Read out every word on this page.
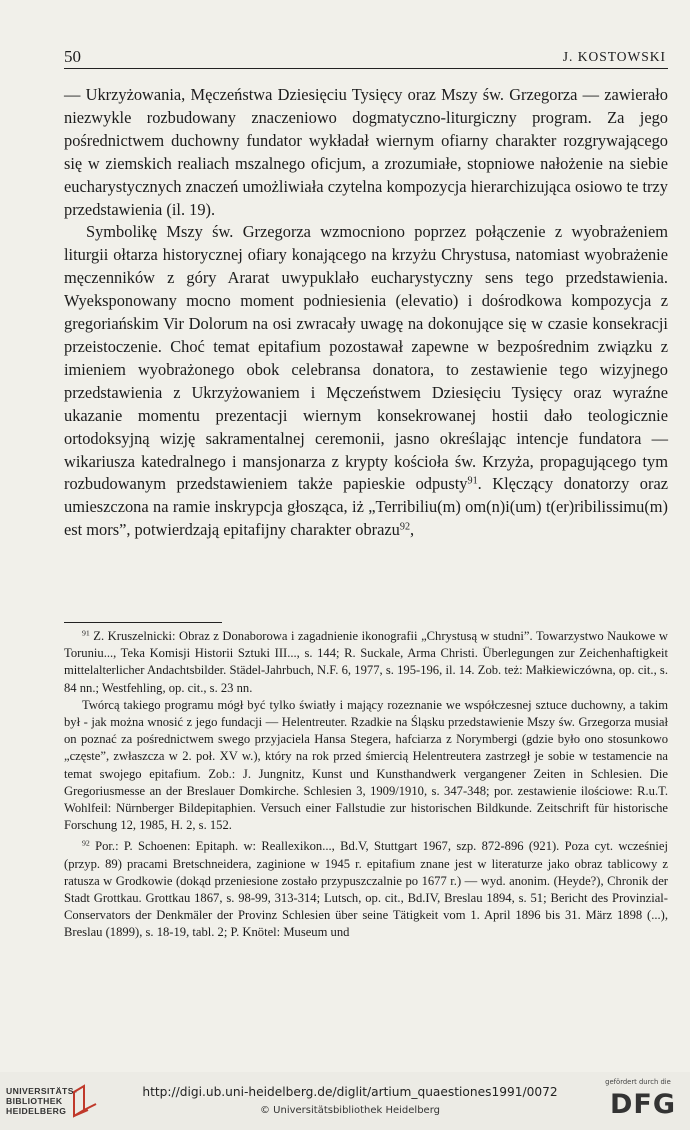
50	J. KOSTOWSKI

— Ukrzyżowania, Męczeństwa Dziesięciu Tysięcy oraz Mszy św. Grzegorza — zawierało niezwykle rozbudowany znaczeniowo dogmatyczno-liturgiczny program. Za jego pośrednictwem duchowny fundator wykładał wiernym ofiarny charakter rozgrywającego się w ziemskich realiach mszalnego oficjum, a zrozumiałe, stopniowe nałożenie na siebie eucharystycznych znaczeń umożliwiała czytelna kompozycja hierarchizująca osiowo te trzy przedstawienia (il. 19).

Symbolikę Mszy św. Grzegorza wzmocniono poprzez połączenie z wyobrażeniem liturgii ołtarza historycznej ofiary konającego na krzyżu Chrystusa, natomiast wyobrażenie męczenników z góry Ararat uwypuklało eucharystyczny sens tego przedstawienia. Wyeksponowany mocno moment podniesienia (elevatio) i dośrodkowa kompozycja z gregoriańskim Vir Dolorum na osi zwracały uwagę na dokonujące się w czasie konsekracji przeistoczenie. Choć temat epitafium pozostawał zapewne w bezpośrednim związku z imieniem wyobrażonego obok celebransa donatora, to zestawienie tego wizyjnego przedstawienia z Ukrzyżowaniem i Męczeństwem Dziesięciu Tysięcy oraz wyraźne ukazanie momentu prezentacji wiernym konsekrowanej hostii dało teologicznie ortodoksyjną wizję sakramentalnej ceremonii, jasno określając intencje fundatora — wikariusza katedralnego i mansjonarza z krypty kościoła św. Krzyża, propagującego tym rozbudowanym przedstawieniem także papieskie odpusty$^{91}$. Klęczący donatorzy oraz umieszczona na ramie inskrypcja głosząca, iż „Terribiliu(m) om(n)i(um) t(er)ribilissimu(m) est mors”, potwierdzają epitafijny charakter obrazu$^{92}$,

$^{91}$ Z. Kruszelnicki: Obraz z Donaborowa i zagadnienie ikonografii „Chrystusą w studni”. Towarzystwo Naukowe w Toruniu..., Teka Komisji Historii Sztuki III..., s. 144; R. Suckale, Arma Christi. Überlegungen zur Zeichenhaftigkeit mittelalterlicher Andachtsbilder. Städel-Jahrbuch, N.F. 6, 1977, s. 195-196, il. 14. Zob. też: Małkiewiczówna, op. cit., s. 84 nn.; Westfehling, op. cit., s. 23 nn.

Twórcą takiego programu mógł być tylko światły i mający rozeznanie we współczesnej sztuce duchowny, a takim był - jak można wnosić z jego fundacji — Helentreuter. Rzadkie na Śląsku przedstawienie Mszy św. Grzegorza musiał on poznać za pośrednictwem swego przyjaciela Hansa Stegera, hafciarza z Norymbergi (gdzie było ono stosunkowo „częste”, zwłaszcza w 2. poł. XV w.), który na rok przed śmiercią Helentreutera zastrzegł je sobie w testamencie na temat swojego epitafium. Zob.: J. Jungnitz, Kunst und Kunsthandwerk vergangener Zeiten in Schlesien. Die Gregoriusmesse an der Breslauer Domkirche. Schlesien 3, 1909/1910, s. 347-348; por. zestawienie ilościowe: R.u.T. Wohlfeil: Nürnberger Bildepitaphien. Versuch einer Fallstudie zur historischen Bildkunde. Zeitschrift für historische Forschung 12, 1985, H. 2, s. 152.

$^{92}$ Por.: P. Schoenen: Epitaph. w: Reallexikon..., Bd.V, Stuttgart 1967, szp. 872-896 (921). Poza cyt. wcześniej (przyp. 89) pracami Bretschneidera, zaginione w 1945 r. epitafium znane jest w literaturze jako obraz tablicowy z ratusza w Grodkowie (dokąd przeniesione zostało przypuszczalnie po 1677 r.) — wyd. anonim. (Heyde?), Chronik der Stadt Grottkau. Grottkau 1867, s. 98-99, 313-314; Lutsch, op. cit., Bd.IV, Breslau 1894, s. 51; Bericht des Provinzial-Conservators der Denkmäler der Provinz Schlesien über seine Tätigkeit vom 1. April 1896 bis 31. März 1898 (...), Breslau (1899), s. 18-19, tabl. 2; P. Knötel: Museum und

UNIVERSITÄTS-
BIBLIOTHEK
HEIDELBERG
http://digi.ub.uni-heidelberg.de/diglit/artium_quaestiones1991/0072
© Universitätsbibliothek Heidelberg
gefördert durch die
DFG
